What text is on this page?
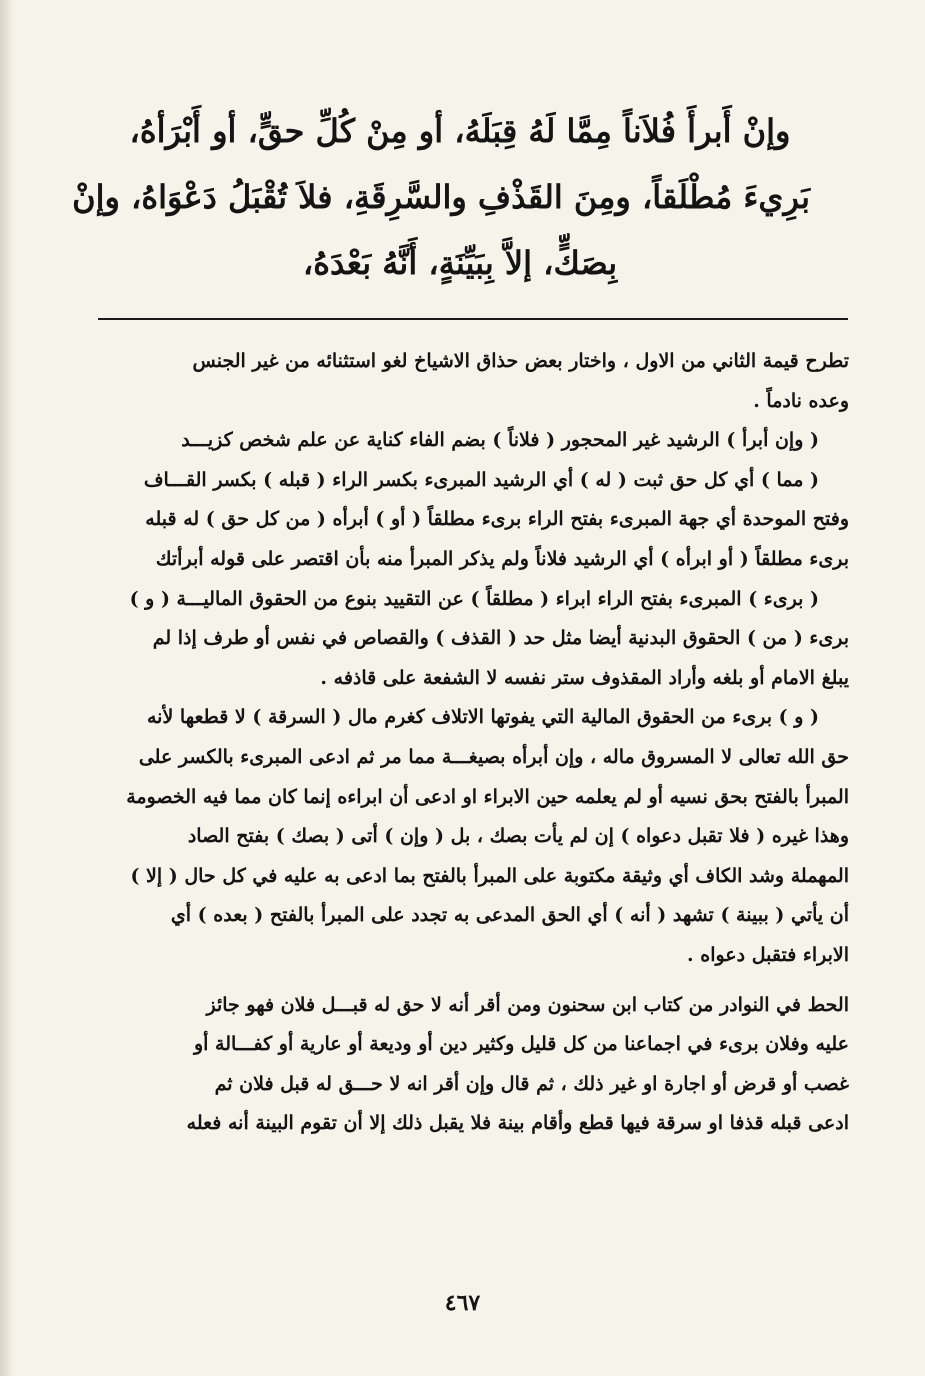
وإنْ أَبرأَ فُلاَناً مِمَّا لَهُ قِبَلَهُ، أو مِنْ كُلِّ حقٍّ، أو أَبْرَأهُ،
بَرِيءَ مُطْلَقاً، ومِنَ القَذْفِ والسَّرِقَةِ، فلاَ تُقْبَلُ دَعْوَاهُ، وإنْ
بِصَكٍّ، إلاَّ بِبَيِّنَةٍ، أَنَّهُ بَعْدَهُ،
تطرح قيمة الثاني من الاول ، واختار بعض حذاق الاشياخ لغو استثنائه من غير الجنس
وعده نادماً .
( وإن أبرأ ) الرشيد غير المحجور ( فلاناً ) بضم الفاء كناية عن علم شخص كزيـــد
( مما ) أي كل حق ثبت ( له ) أي الرشيد المبرىء بكسر الراء ( قبله ) بكسر القـــاف
وفتح الموحدة أي جهة المبرىء بفتح الراء برىء مطلقاً ( أو ) أبرأه ( من كل حق ) له قبله
برىء مطلقاً ( أو ابرأه ) أي الرشيد فلاناً ولم يذكر المبرأ منه بأن اقتصر على قوله أبرأتك
( برىء ) المبرىء بفتح الراء ابراء ( مطلقاً ) عن التقييد بنوع من الحقوق الماليـــة ( و )
برىء ( من ) الحقوق البدنية أيضا مثل حد ( القذف ) والقصاص في نفس أو طرف إذا لم
يبلغ الامام أو بلغه وأراد المقذوف ستر نفسه لا الشفعة على قاذفه .
( و ) برىء من الحقوق المالية التي يفوتها الاتلاف كغرم مال ( السرقة ) لا قطعها لأنه
حق الله تعالى لا المسروق ماله ، وإن أبرأه بصيغـــة مما مر ثم ادعى المبرىء بالكسر على
المبرأ بالفتح بحق نسيه أو لم يعلمه حين الابراء او ادعى أن ابراءه إنما كان مما فيه الخصومة
وهذا غيره ( فلا تقبل دعواه ) إن لم يأت بصك ، بل ( وإن ) أتى ( بصك ) بفتح الصاد
المهملة وشد الكاف أي وثيقة مكتوبة على المبرأ بالفتح بما ادعى به عليه في كل حال ( إلا )
أن يأتي ( ببينة ) تشهد ( أنه ) أي الحق المدعى به تجدد على المبرأ بالفتح ( بعده ) أي
الابراء فتقبل دعواه .
الحط في النوادر من كتاب ابن سحنون ومن أقر أنه لا حق له قبـــل فلان فهو جائز
عليه وفلان برىء في اجماعنا من كل قليل وكثير دين أو وديعة أو عارية أو كفـــالة أو
غصب أو قرض أو اجارة او غير ذلك ، ثم قال وإن أقر انه لا حـــق له قبل فلان ثم
ادعى قبله قذفا او سرقة فيها قطع وأقام بينة فلا يقبل ذلك إلا أن تقوم البينة أنه فعله
٤٦٧
